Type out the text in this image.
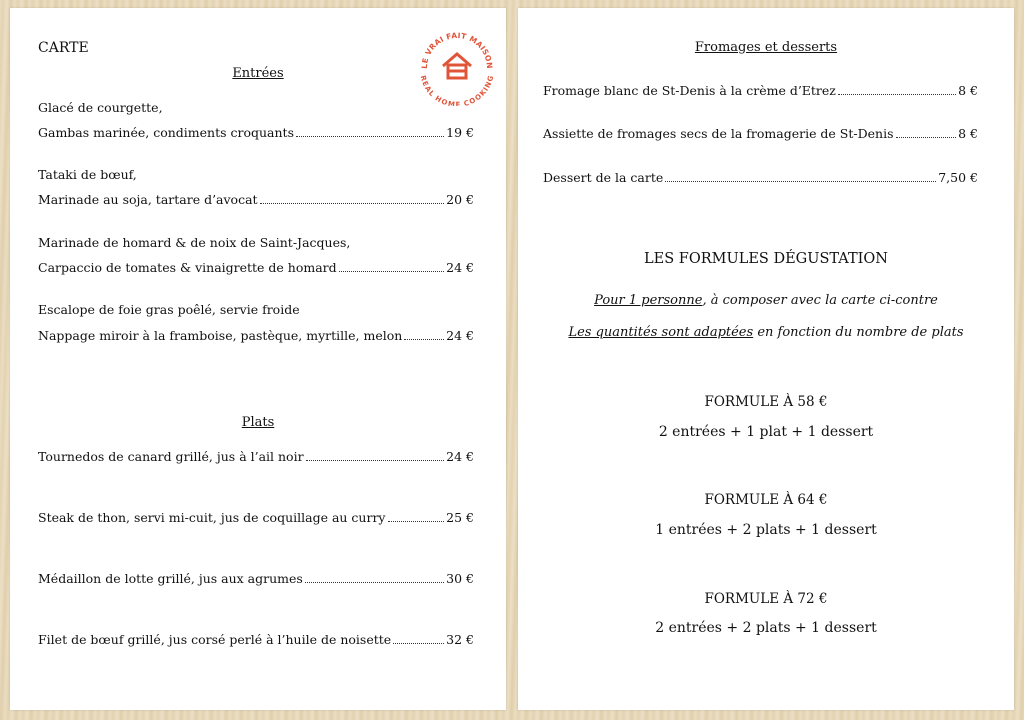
CARTE
LE VRAI FAIT MAISON
REAL HOME COOKING
Entrées
Glacé de courgette,
Gambas marinée, condiments croquants	19 €
Tataki de bœuf,
Marinade au soja, tartare d’avocat	20 €
Marinade de homard & de noix de Saint-Jacques,
Carpaccio de tomates & vinaigrette de homard	24 €
Escalope de foie gras poêlé, servie froide
Nappage miroir à la framboise, pastèque, myrtille, melon	24 €
Plats
Tournedos de canard grillé, jus à l’ail noir	24 €
Steak de thon, servi mi-cuit, jus de coquillage au curry	25 €
Médaillon de lotte grillé, jus aux agrumes	30 €
Filet de bœuf grillé, jus corsé perlé à l’huile de noisette	32 €
Fromages et desserts
Fromage blanc de St-Denis à la crème d’Etrez	8 €
Assiette de fromages secs de la fromagerie de St-Denis	8 €
Dessert de la carte	7,50 €
LES FORMULES DÉGUSTATION
Pour 1 personne, à composer avec la carte ci-contre
Les quantités sont adaptées en fonction du nombre de plats
FORMULE À 58 €
2 entrées + 1 plat + 1 dessert
FORMULE À 64 €
1 entrées + 2 plats + 1 dessert
FORMULE À 72 €
2 entrées + 2 plats + 1 dessert
